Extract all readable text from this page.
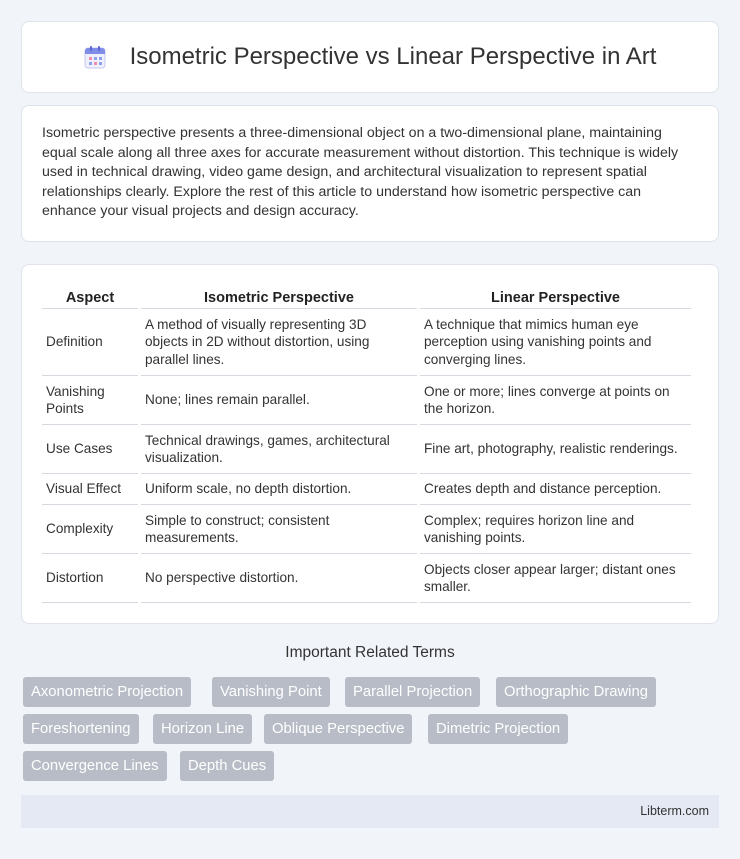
Isometric Perspective vs Linear Perspective in Art

Isometric perspective presents a three-dimensional object on a two-dimensional plane, maintaining equal scale along all three axes for accurate measurement without distortion. This technique is widely used in technical drawing, video game design, and architectural visualization to represent spatial relationships clearly. Explore the rest of this article to understand how isometric perspective can enhance your visual projects and design accuracy.

Aspect	Isometric Perspective	Linear Perspective
Definition	A method of visually representing 3D objects in 2D without distortion, using parallel lines.	A technique that mimics human eye perception using vanishing points and converging lines.
Vanishing Points	None; lines remain parallel.	One or more; lines converge at points on the horizon.
Use Cases	Technical drawings, games, architectural visualization.	Fine art, photography, realistic renderings.
Visual Effect	Uniform scale, no depth distortion.	Creates depth and distance perception.
Complexity	Simple to construct; consistent measurements.	Complex; requires horizon line and vanishing points.
Distortion	No perspective distortion.	Objects closer appear larger; distant ones smaller.
Important Related Terms
Axonometric Projection	Vanishing Point	Parallel Projection	Orthographic Drawing
Foreshortening	Horizon Line	Oblique Perspective	Dimetric Projection
Convergence Lines	Depth Cues
Libterm.com
